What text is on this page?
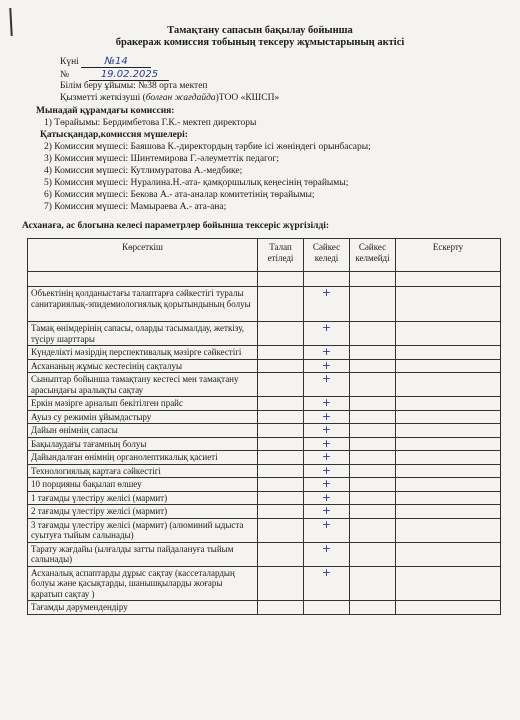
Тамақтану сапасын бақылау бойынша
бракераж комиссия тобының тексеру жұмыстарының актісі
Күні	№14
№	19.02.2025
Білім беру ұйымы: №38 орта мектеп
Қызметті жеткізуші (болған жағдайда)ТОО «КШСП»
Мынадай құрамдағы комиссия:
1) Төрайымы: Бердимбетова Г.К.- мектеп директоры
Қатысқандар,комиссия мүшелері:
2) Комиссия мүшесі: Баяшова К.-директордың тәрбие ісі жөніндегі орынбасары;
3) Комиссия мүшесі: Шинтемирова Г.-әлеуметтік педагог;
4) Комиссия мүшесі: Кутлимуратова А.-медбике;
5) Комиссия мүшесі: Нуралина.Н.-ата- қамқоршылық кеңесінің төрайымы;
6) Комиссия мүшесі: Бекова А.- ата-аналар комитетінің төрайымы;
7) Комиссия мүшесі: Мамыраева А.- ата-ана;
Асханаға, ас блогына келесі параметрлер бойынша тексеріс жүргізілді:
Көрсеткіш	Талап етіледі	Сәйкес келеді	Сәйкес келмейді	Ескерту

Объектінің қолданыстағы талаптарға сәйкестігі туралы санитариялық-эпидемиологиялық қорытындының болуы		+		
Тамақ өнімдерінің сапасы, оларды тасымалдау, жеткізу, түсіру шарттары		+		
Күнделікті мәзірдің перспективалық мәзірге сәйкестігі		+		
Асхананың жұмыс кестесінің сақталуы		+		
Сыныптар бойынша тамақтану кестесі мен тамақтану арасындағы аралықты сақтау		+		
Еркін мәзірге арналып бекітілген прайс		+		
Ауыз су режимін ұйымдастыру		+		
Дайын өнімнің сапасы		+		
Бақылаудағы тағамның болуы		+		
Дайындалған өнімнің органолептикалық қасиеті		+		
Технологиялық картаға сәйкестігі		+		
10 порцияны бақылап өлшеу		+		
1 тағамды үлестіру желісі (мармит)		+		
2 тағамды үлестіру желісі (мармит)		+		
3 тағамды үлестіру желісі (мармит) (алюминий ыдыста суытуға тыйым салынады)		+		
Тарату жағдайы (ылғалды затты пайдалануға тыйым салынады)		+		
Асханалық аспаптарды дұрыс сақтау (кассеталардың болуы және қасықтарды, шанышқыларды жоғары қаратып сақтау )		+		
Тағамды дәрумендендіру				
